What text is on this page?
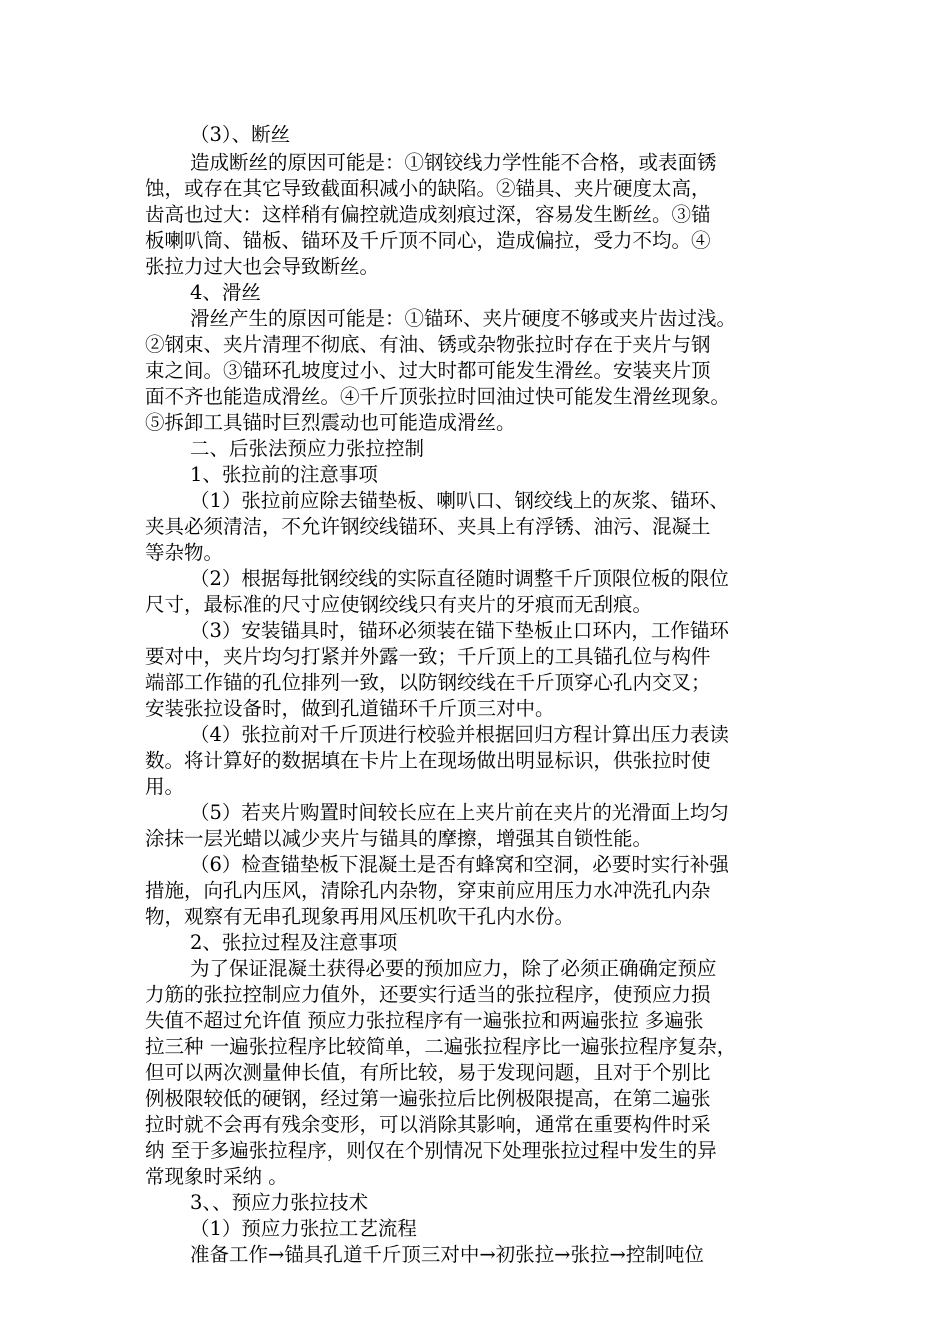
（3）、断丝
造成断丝的原因可能是：①钢铰线力学性能不合格，或表面锈
蚀，或存在其它导致截面积减小的缺陷。②锚具、夹片硬度太高，
齿高也过大：这样稍有偏控就造成刻痕过深，容易发生断丝。③锚
板喇叭筒、锚板、锚环及千斤顶不同心，造成偏拉，受力不均。④
张拉力过大也会导致断丝。
4、滑丝
滑丝产生的原因可能是：①锚环、夹片硬度不够或夹片齿过浅。
②钢束、夹片清理不彻底、有油、锈或杂物张拉时存在于夹片与钢
束之间。③锚环孔坡度过小、过大时都可能发生滑丝。安装夹片顶
面不齐也能造成滑丝。④千斤顶张拉时回油过快可能发生滑丝现象。
⑤拆卸工具锚时巨烈震动也可能造成滑丝。
二、后张法预应力张拉控制
1、张拉前的注意事项
（1）张拉前应除去锚垫板、喇叭口、钢绞线上的灰浆、锚环、
夹具必须清洁，不允许钢绞线锚环、夹具上有浮锈、油污、混凝土
等杂物。
（2）根据每批钢绞线的实际直径随时调整千斤顶限位板的限位
尺寸，最标准的尺寸应使钢绞线只有夹片的牙痕而无刮痕。
（3）安装锚具时，锚环必须装在锚下垫板止口环内，工作锚环
要对中，夹片均匀打紧并外露一致；千斤顶上的工具锚孔位与构件
端部工作锚的孔位排列一致，以防钢绞线在千斤顶穿心孔内交叉；
安装张拉设备时，做到孔道锚环千斤顶三对中。
（4）张拉前对千斤顶进行校验并根据回归方程计算出压力表读
数。将计算好的数据填在卡片上在现场做出明显标识，供张拉时使
用。
（5）若夹片购置时间较长应在上夹片前在夹片的光滑面上均匀
涂抹一层光蜡以减少夹片与锚具的摩擦，增强其自锁性能。
（6）检查锚垫板下混凝土是否有蜂窝和空洞，必要时实行补强
措施，向孔内压风，清除孔内杂物，穿束前应用压力水冲洗孔内杂
物，观察有无串孔现象再用风压机吹干孔内水份。
2、张拉过程及注意事项
为了保证混凝土获得必要的预加应力，除了必须正确确定预应
力筋的张拉控制应力值外，还要实行适当的张拉程序，使预应力损
失值不超过允许值 预应力张拉程序有一遍张拉和两遍张拉 多遍张
拉三种 一遍张拉程序比较简单，二遍张拉程序比一遍张拉程序复杂，
但可以两次测量伸长值，有所比较，易于发现问题，且对于个别比
例极限较低的硬钢，经过第一遍张拉后比例极限提高，在第二遍张
拉时就不会再有残余变形，可以消除其影响，通常在重要构件时采
纳 至于多遍张拉程序，则仅在个别情况下处理张拉过程中发生的异
常现象时采纳 。
3、、预应力张拉技术
（1）预应力张拉工艺流程
准备工作→锚具孔道千斤顶三对中→初张拉→张拉→控制吨位
